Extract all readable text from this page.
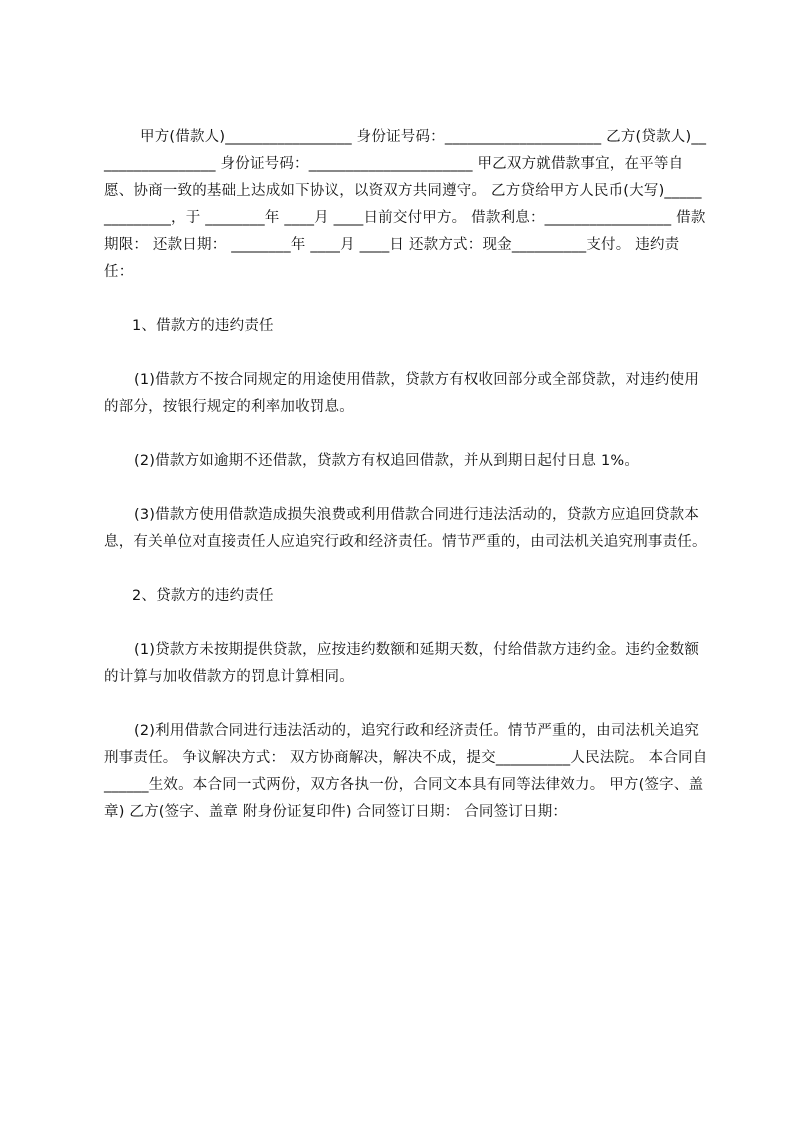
甲方(借款人)_________________ 身份证号码：_____________________ 乙方(贷款人)_________________ 身份证号码：______________________ 甲乙双方就借款事宜，在平等自愿、协商一致的基础上达成如下协议，以资双方共同遵守。 乙方贷给甲方人民币(大写)______________，于 ________年 ____月 ____日前交付甲方。 借款利息：_________________ 借款期限： 还款日期： ________年 ____月 ____日 还款方式：现金__________支付。 违约责任：

1、借款方的违约责任

(1)借款方不按合同规定的用途使用借款，贷款方有权收回部分或全部贷款，对违约使用的部分，按银行规定的利率加收罚息。

(2)借款方如逾期不还借款，贷款方有权追回借款，并从到期日起付日息 1%。

(3)借款方使用借款造成损失浪费或利用借款合同进行违法活动的，贷款方应追回贷款本息，有关单位对直接责任人应追究行政和经济责任。情节严重的，由司法机关追究刑事责任。

2、贷款方的违约责任

(1)贷款方未按期提供贷款，应按违约数额和延期天数，付给借款方违约金。违约金数额的计算与加收借款方的罚息计算相同。

(2)利用借款合同进行违法活动的，追究行政和经济责任。情节严重的，由司法机关追究刑事责任。 争议解决方式： 双方协商解决，解决不成，提交__________人民法院。 本合同自 ______生效。本合同一式两份，双方各执一份，合同文本具有同等法律效力。 甲方(签字、盖章) 乙方(签字、盖章 附身份证复印件) 合同签订日期： 合同签订日期：
